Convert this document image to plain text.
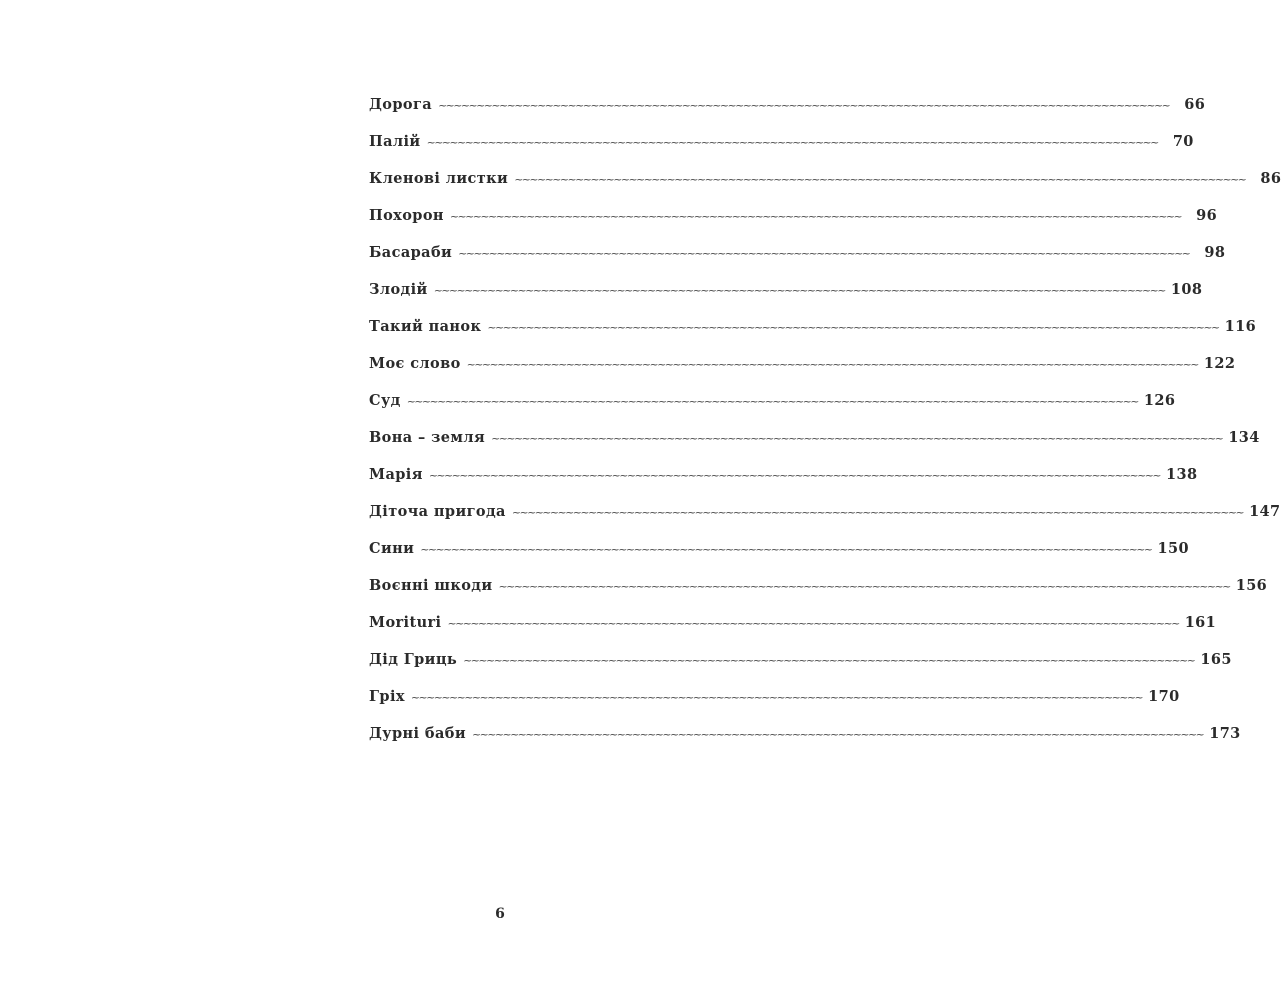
Дорога ~~~~~~~~~~~~~~~~~~~~~~~~~~~~~~~~~~~~~~~~~~~~~~~~~~~~~~~~~~~~~~~~~~~~~~~~~~~~~~~~~~~~~~~~~~~~~~~~	66
Палій ~~~~~~~~~~~~~~~~~~~~~~~~~~~~~~~~~~~~~~~~~~~~~~~~~~~~~~~~~~~~~~~~~~~~~~~~~~~~~~~~~~~~~~~~~~~~~~~~	70
Кленові листки ~~~~~~~~~~~~~~~~~~~~~~~~~~~~~~~~~~~~~~~~~~~~~~~~~~~~~~~~~~~~~~~~~~~~~~~~~~~~~~~~~~~~~~~~~~~~~~~~	86
Похорон ~~~~~~~~~~~~~~~~~~~~~~~~~~~~~~~~~~~~~~~~~~~~~~~~~~~~~~~~~~~~~~~~~~~~~~~~~~~~~~~~~~~~~~~~~~~~~~~~	96
Басараби ~~~~~~~~~~~~~~~~~~~~~~~~~~~~~~~~~~~~~~~~~~~~~~~~~~~~~~~~~~~~~~~~~~~~~~~~~~~~~~~~~~~~~~~~~~~~~~~~	98
Злодій ~~~~~~~~~~~~~~~~~~~~~~~~~~~~~~~~~~~~~~~~~~~~~~~~~~~~~~~~~~~~~~~~~~~~~~~~~~~~~~~~~~~~~~~~~~~~~~~~ 108
Такий панок ~~~~~~~~~~~~~~~~~~~~~~~~~~~~~~~~~~~~~~~~~~~~~~~~~~~~~~~~~~~~~~~~~~~~~~~~~~~~~~~~~~~~~~~~~~~~~~~~ 116
Моє слово ~~~~~~~~~~~~~~~~~~~~~~~~~~~~~~~~~~~~~~~~~~~~~~~~~~~~~~~~~~~~~~~~~~~~~~~~~~~~~~~~~~~~~~~~~~~~~~~~ 122
Суд ~~~~~~~~~~~~~~~~~~~~~~~~~~~~~~~~~~~~~~~~~~~~~~~~~~~~~~~~~~~~~~~~~~~~~~~~~~~~~~~~~~~~~~~~~~~~~~~~ 126
Вона – земля ~~~~~~~~~~~~~~~~~~~~~~~~~~~~~~~~~~~~~~~~~~~~~~~~~~~~~~~~~~~~~~~~~~~~~~~~~~~~~~~~~~~~~~~~~~~~~~~~ 134
Марія ~~~~~~~~~~~~~~~~~~~~~~~~~~~~~~~~~~~~~~~~~~~~~~~~~~~~~~~~~~~~~~~~~~~~~~~~~~~~~~~~~~~~~~~~~~~~~~~~ 138
Діточа пригода ~~~~~~~~~~~~~~~~~~~~~~~~~~~~~~~~~~~~~~~~~~~~~~~~~~~~~~~~~~~~~~~~~~~~~~~~~~~~~~~~~~~~~~~~~~~~~~~~ 147
Сини ~~~~~~~~~~~~~~~~~~~~~~~~~~~~~~~~~~~~~~~~~~~~~~~~~~~~~~~~~~~~~~~~~~~~~~~~~~~~~~~~~~~~~~~~~~~~~~~~ 150
Воєнні шкоди ~~~~~~~~~~~~~~~~~~~~~~~~~~~~~~~~~~~~~~~~~~~~~~~~~~~~~~~~~~~~~~~~~~~~~~~~~~~~~~~~~~~~~~~~~~~~~~~~ 156
Morituri ~~~~~~~~~~~~~~~~~~~~~~~~~~~~~~~~~~~~~~~~~~~~~~~~~~~~~~~~~~~~~~~~~~~~~~~~~~~~~~~~~~~~~~~~~~~~~~~~ 161
Дід Гриць ~~~~~~~~~~~~~~~~~~~~~~~~~~~~~~~~~~~~~~~~~~~~~~~~~~~~~~~~~~~~~~~~~~~~~~~~~~~~~~~~~~~~~~~~~~~~~~~~ 165
Гріх ~~~~~~~~~~~~~~~~~~~~~~~~~~~~~~~~~~~~~~~~~~~~~~~~~~~~~~~~~~~~~~~~~~~~~~~~~~~~~~~~~~~~~~~~~~~~~~~~ 170
Дурні баби ~~~~~~~~~~~~~~~~~~~~~~~~~~~~~~~~~~~~~~~~~~~~~~~~~~~~~~~~~~~~~~~~~~~~~~~~~~~~~~~~~~~~~~~~~~~~~~~~ 173
6
